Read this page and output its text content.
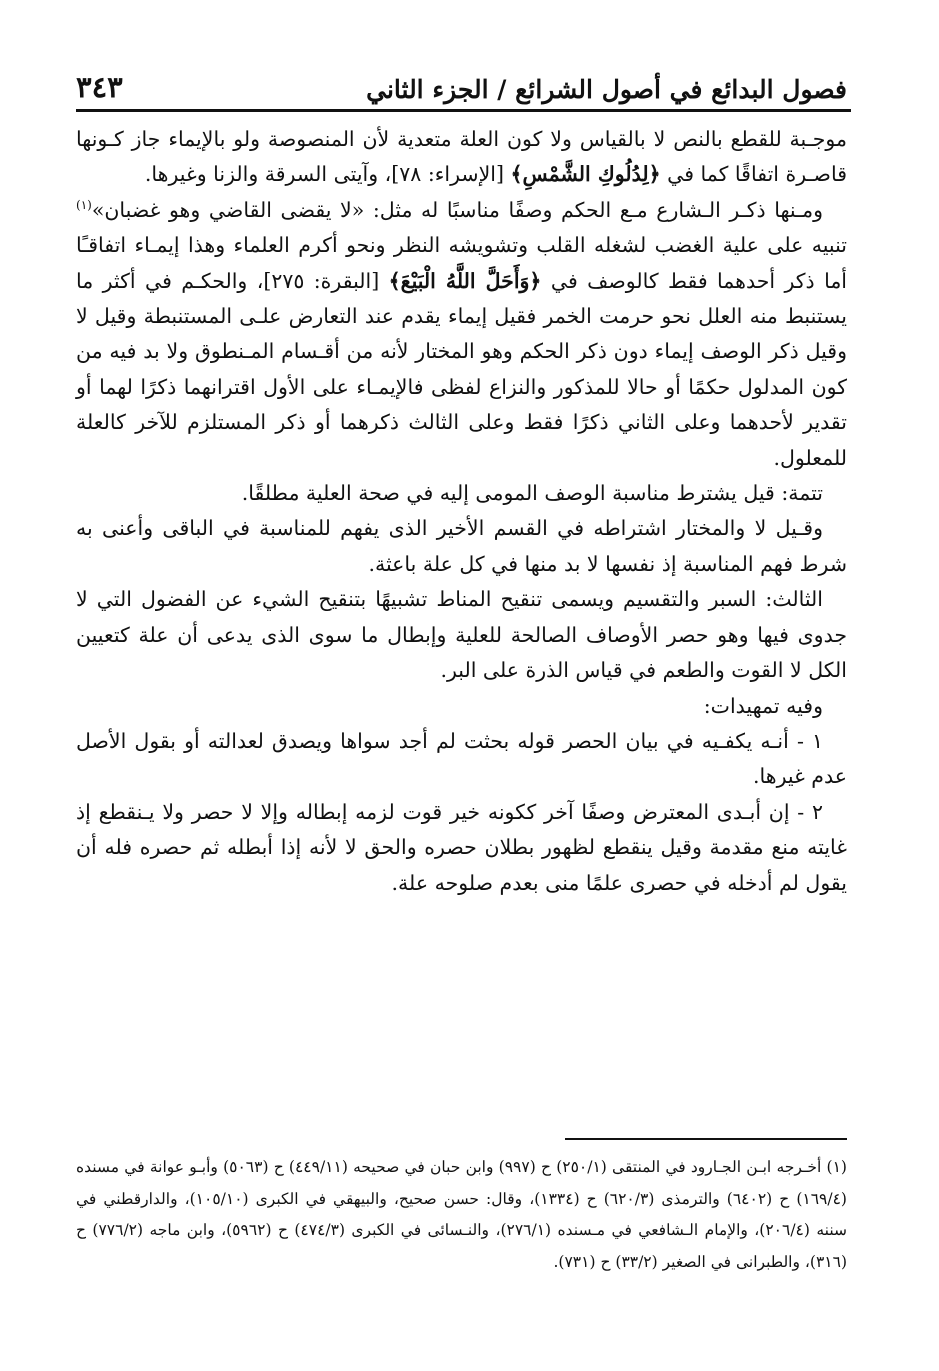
فصول البدائع في أصول الشرائع / الجزء الثاني
٣٤٣

موجـبة للقطع بالنص لا بالقياس ولا كون العلة متعدية لأن المنصوصة ولو بالإيماء جاز كـونها قاصـرة اتفاقًا كما في ﴿لِدُلُوكِ الشَّمْسِ﴾ [الإسراء: ٧٨]، وآيتى السرقة والزنا وغيرها.

ومـنها ذكـر الـشارع مـع الحكم وصفًا مناسبًا له مثل: «لا يقضى القاضي وهو غضبان»$^{(١)}$ تنبيه على علية الغضب لشغله القلب وتشويشه النظر ونحو أكرم العلماء وهذا إيمـاء اتفاقـًا أما ذكر أحدهما فقط كالوصف في ﴿وَأَحَلَّ اللَّهُ الْبَيْعَ﴾ [البقرة: ٢٧٥]، والحكـم في أكثر ما يستنبط منه العلل نحو حرمت الخمر فقيل إيماء يقدم عند التعارض علـى المستنبطة وقيل لا وقيل ذكر الوصف إيماء دون ذكر الحكم وهو المختار لأنه من أقـسام المـنطوق ولا بد فيه من كون المدلول حكمًا أو حالا للمذكور والنزاع لفظى فالإيمـاء على الأول اقترانهما ذكرًا لهما أو تقدير لأحدهما وعلى الثاني ذكرًا فقط وعلى الثالث ذكرهما أو ذكر المستلزم للآخر كالعلة للمعلول.

تتمة: قيل يشترط مناسبة الوصف المومى إليه في صحة العلية مطلقًا.

وقـيل لا والمختار اشتراطه في القسم الأخير الذى يفهم للمناسبة في الباقى وأعنى به شرط فهم المناسبة إذ نفسها لا بد منها في كل علة باعثة.

الثالث: السبر والتقسيم ويسمى تنقيح المناط تشبيهًا بتنقيح الشيء عن الفضول التي لا جدوى فيها وهو حصر الأوصاف الصالحة للعلية وإبطال ما سوى الذى يدعى أن علة كتعيين الكل لا القوت والطعم في قياس الذرة على البر.

وفيه تمهيدات:

١ - أنـه يكفـيه في بيان الحصر قوله بحثت لم أجد سواها ويصدق لعدالته أو بقول الأصل عدم غيرها.

٢ - إن أبـدى المعترض وصفًا آخر ككونه خير قوت لزمه إبطاله وإلا لا حصر ولا يـنقطع إذ غايته منع مقدمة وقيل ينقطع لظهور بطلان حصره والحق لا لأنه إذا أبطله ثم حصره فله أن يقول لم أدخله في حصرى علمًا منى بعدم صلوحه علة.

(١) أخـرجه ابـن الجـارود في المنتقى (٢٥٠/١) ح (٩٩٧) وابن حبان في صحيحه (٤٤٩/١١) ح (٥٠٦٣) وأبـو عوانة في مسنده (١٦٩/٤) ح (٦٤٠٢) والترمذى (٦٢٠/٣) ح (١٣٣٤)، وقال: حسن صحيح، والبيهقي في الكبرى (١٠٥/١٠)، والدارقطني في سننه (٢٠٦/٤)، والإمام الـشافعي في مـسنده (٢٧٦/١)، والنـسائى في الكبرى (٤٧٤/٣) ح (٥٩٦٢)، وابن ماجه (٧٧٦/٢) ح (٣١٦)، والطبرانى في الصغير (٣٣/٢) ح (٧٣١).
